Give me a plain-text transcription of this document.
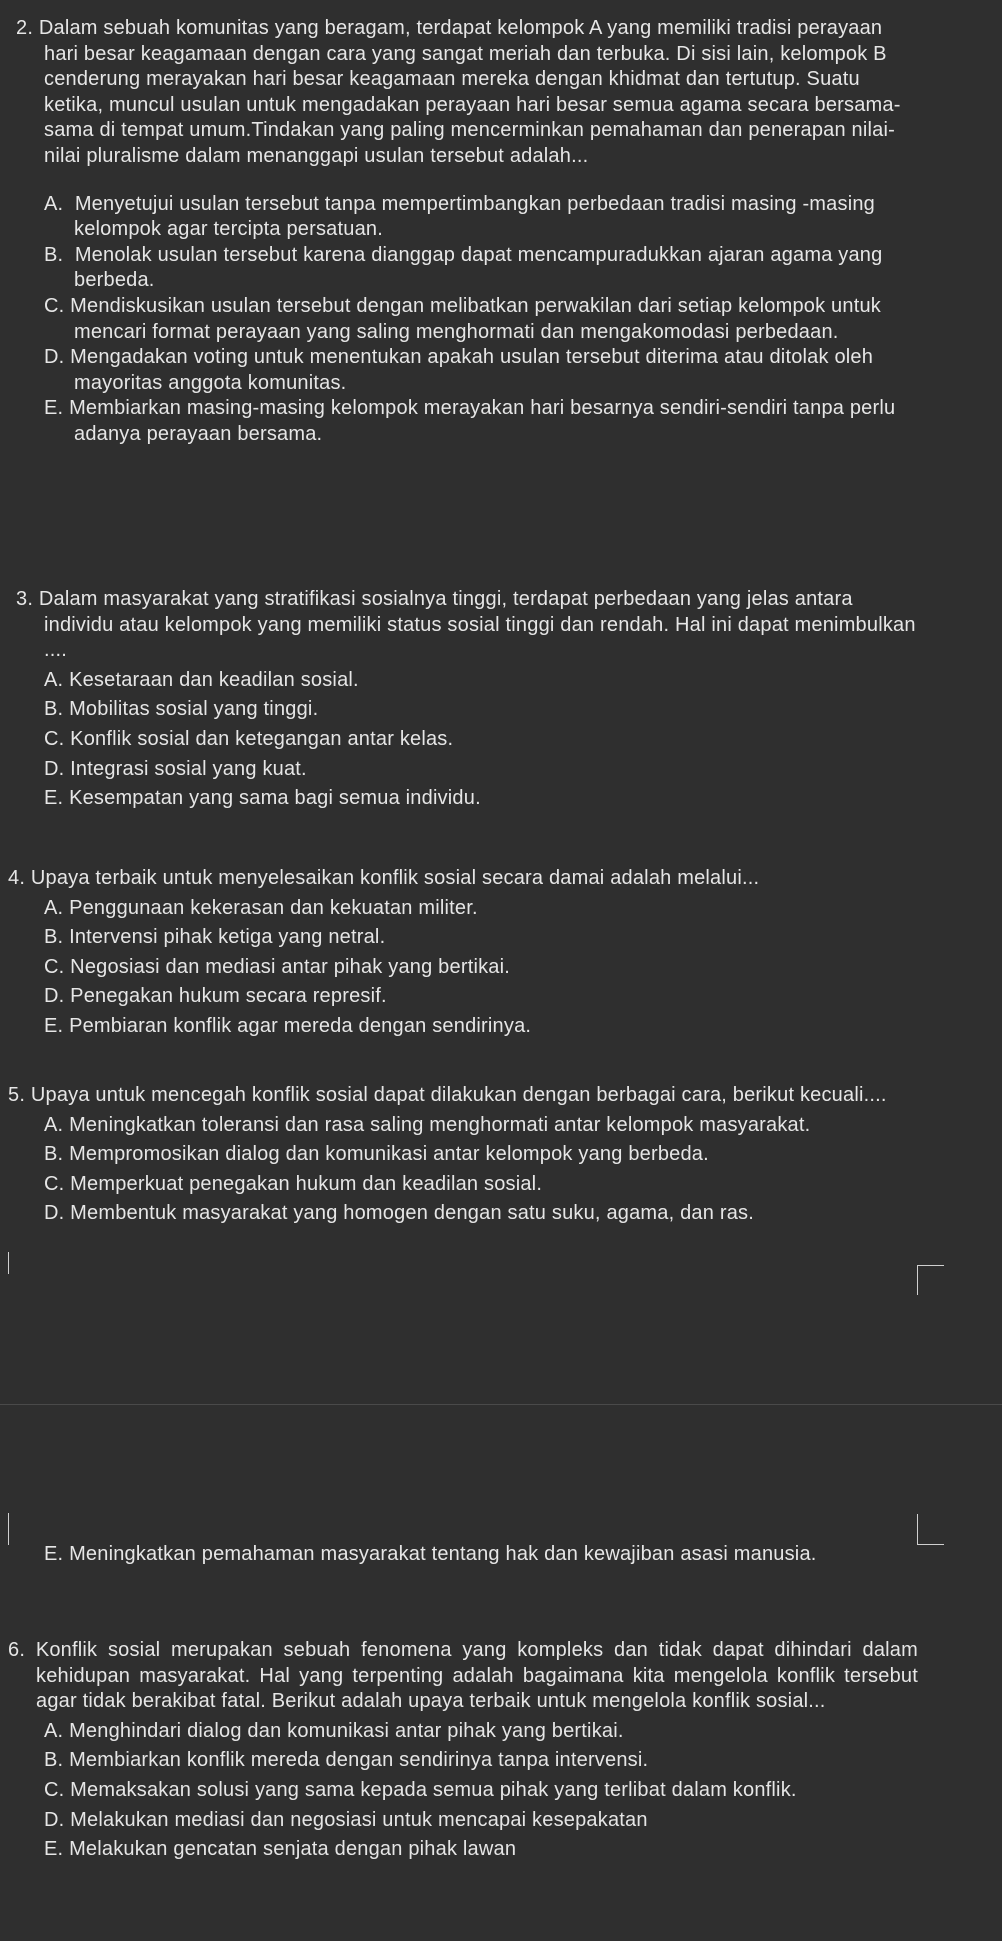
2. Dalam sebuah komunitas yang beragam, terdapat kelompok A yang memiliki tradisi perayaan hari besar keagamaan dengan cara yang sangat meriah dan terbuka. Di sisi lain, kelompok B cenderung merayakan hari besar keagamaan mereka dengan khidmat dan tertutup. Suatu ketika, muncul usulan untuk mengadakan perayaan hari besar semua agama secara bersama-sama di tempat umum.Tindakan yang paling mencerminkan pemahaman dan penerapan nilai-nilai pluralisme dalam menanggapi usulan tersebut adalah...
A. Menyetujui usulan tersebut tanpa mempertimbangkan perbedaan tradisi masing -masing kelompok agar tercipta persatuan.
B. Menolak usulan tersebut karena dianggap dapat mencampuradukkan ajaran agama yang berbeda.
C. Mendiskusikan usulan tersebut dengan melibatkan perwakilan dari setiap kelompok untuk mencari format perayaan yang saling menghormati dan mengakomodasi perbedaan.
D. Mengadakan voting untuk menentukan apakah usulan tersebut diterima atau ditolak oleh mayoritas anggota komunitas.
E. Membiarkan masing-masing kelompok merayakan hari besarnya sendiri-sendiri tanpa perlu adanya perayaan bersama.
3. Dalam masyarakat yang stratifikasi sosialnya tinggi, terdapat perbedaan yang jelas antara individu atau kelompok yang memiliki status sosial tinggi dan rendah. Hal ini dapat menimbulkan ....
A. Kesetaraan dan keadilan sosial.
B. Mobilitas sosial yang tinggi.
C. Konflik sosial dan ketegangan antar kelas.
D. Integrasi sosial yang kuat.
E. Kesempatan yang sama bagi semua individu.
4. Upaya terbaik untuk menyelesaikan konflik sosial secara damai adalah melalui...
A. Penggunaan kekerasan dan kekuatan militer.
B. Intervensi pihak ketiga yang netral.
C. Negosiasi dan mediasi antar pihak yang bertikai.
D. Penegakan hukum secara represif.
E. Pembiaran konflik agar mereda dengan sendirinya.
5. Upaya untuk mencegah konflik sosial dapat dilakukan dengan berbagai cara, berikut kecuali....
A. Meningkatkan toleransi dan rasa saling menghormati antar kelompok masyarakat.
B. Mempromosikan dialog dan komunikasi antar kelompok yang berbeda.
C. Memperkuat penegakan hukum dan keadilan sosial.
D. Membentuk masyarakat yang homogen dengan satu suku, agama, dan ras.
E. Meningkatkan pemahaman masyarakat tentang hak dan kewajiban asasi manusia.
6. Konflik sosial merupakan sebuah fenomena yang kompleks dan tidak dapat dihindari dalam kehidupan masyarakat. Hal yang terpenting adalah bagaimana kita mengelola konflik tersebut agar tidak berakibat fatal. Berikut adalah upaya terbaik untuk mengelola konflik sosial...
A. Menghindari dialog dan komunikasi antar pihak yang bertikai.
B. Membiarkan konflik mereda dengan sendirinya tanpa intervensi.
C. Memaksakan solusi yang sama kepada semua pihak yang terlibat dalam konflik.
D. Melakukan mediasi dan negosiasi untuk mencapai kesepakatan
E. Melakukan gencatan senjata dengan pihak lawan
